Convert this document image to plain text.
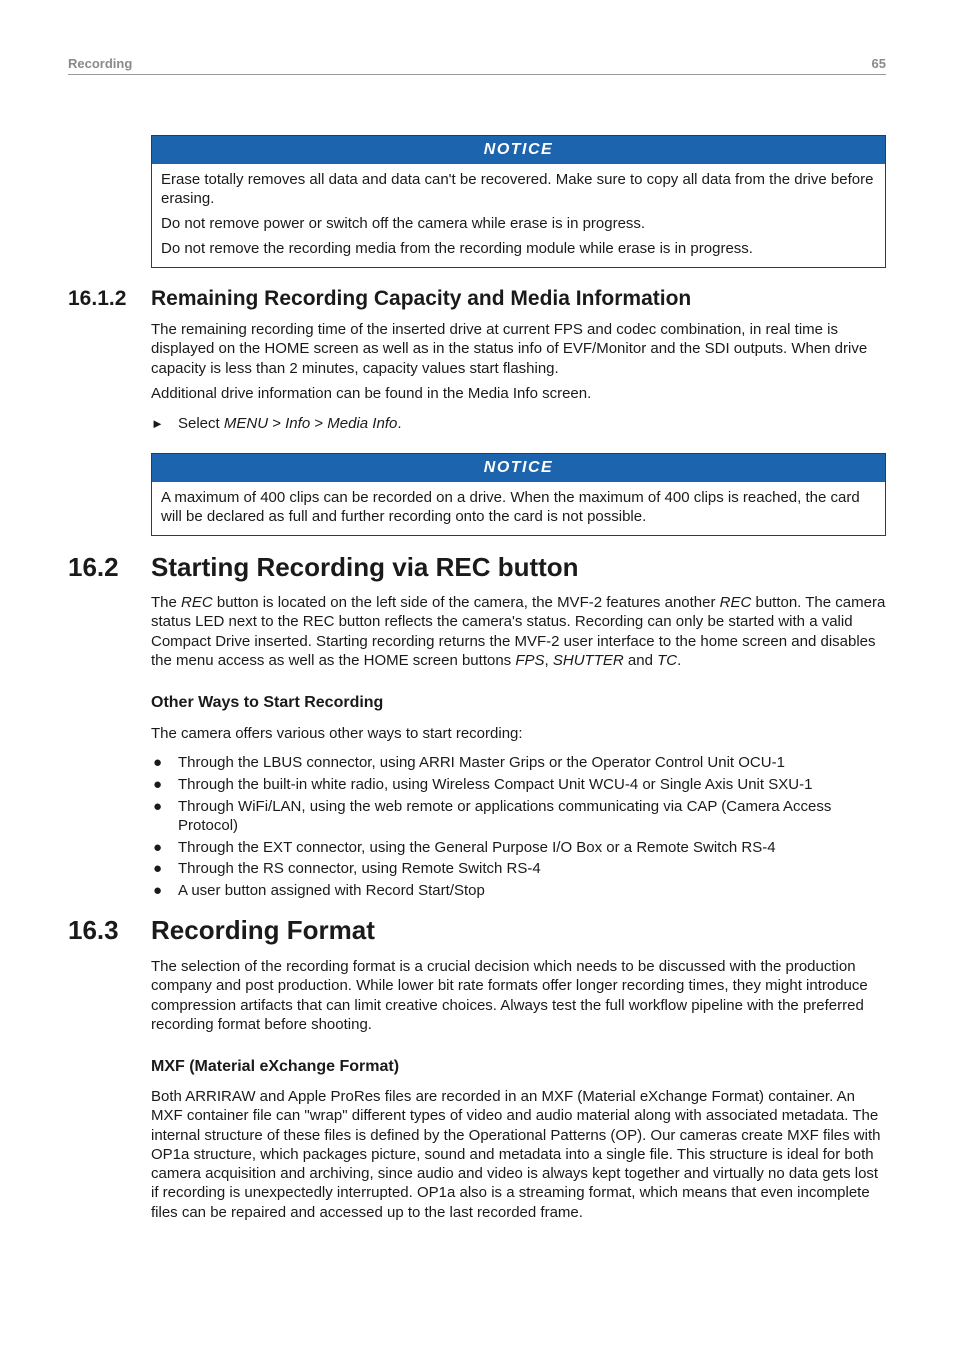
Recording	65
NOTICE

Erase totally removes all data and data can't be recovered. Make sure to copy all data from the drive before erasing.

Do not remove power or switch off the camera while erase is in progress.

Do not remove the recording media from the recording module while erase is in progress.

16.1.2 Remaining Recording Capacity and Media Information

The remaining recording time of the inserted drive at current FPS and codec combination, in real time is displayed on the HOME screen as well as in the status info of EVF/Monitor and the SDI outputs. When drive capacity is less than 2 minutes, capacity values start flashing.

Additional drive information can be found in the Media Info screen.

► Select MENU > Info > Media Info.
NOTICE

A maximum of 400 clips can be recorded on a drive. When the maximum of 400 clips is reached, the card will be declared as full and further recording onto the card is not possible.

16.2 Starting Recording via REC button

The REC button is located on the left side of the camera, the MVF-2 features another REC button. The camera status LED next to the REC button reflects the camera's status. Recording can only be started with a valid Compact Drive inserted. Starting recording returns the MVF-2 user interface to the home screen and disables the menu access as well as the HOME screen buttons FPS, SHUTTER and TC.

Other Ways to Start Recording

The camera offers various other ways to start recording:

● Through the LBUS connector, using ARRI Master Grips or the Operator Control Unit OCU-1
● Through the built-in white radio, using Wireless Compact Unit WCU-4 or Single Axis Unit SXU-1
● Through WiFi/LAN, using the web remote or applications communicating via CAP (Camera Access Protocol)
● Through the EXT connector, using the General Purpose I/O Box or a Remote Switch RS-4
● Through the RS connector, using Remote Switch RS-4
● A user button assigned with Record Start/Stop
16.3 Recording Format

The selection of the recording format is a crucial decision which needs to be discussed with the production company and post production. While lower bit rate formats offer longer recording times, they might introduce compression artifacts that can limit creative choices. Always test the full workflow pipeline with the preferred recording format before shooting.

MXF (Material eXchange Format)

Both ARRIRAW and Apple ProRes files are recorded in an MXF (Material eXchange Format) container. An MXF container file can "wrap" different types of video and audio material along with associated metadata. The internal structure of these files is defined by the Operational Patterns (OP). Our cameras create MXF files with OP1a structure, which packages picture, sound and metadata into a single file. This structure is ideal for both camera acquisition and archiving, since audio and video is always kept together and virtually no data gets lost if recording is unexpectedly interrupted. OP1a also is a streaming format, which means that even incomplete files can be repaired and accessed up to the last recorded frame.
